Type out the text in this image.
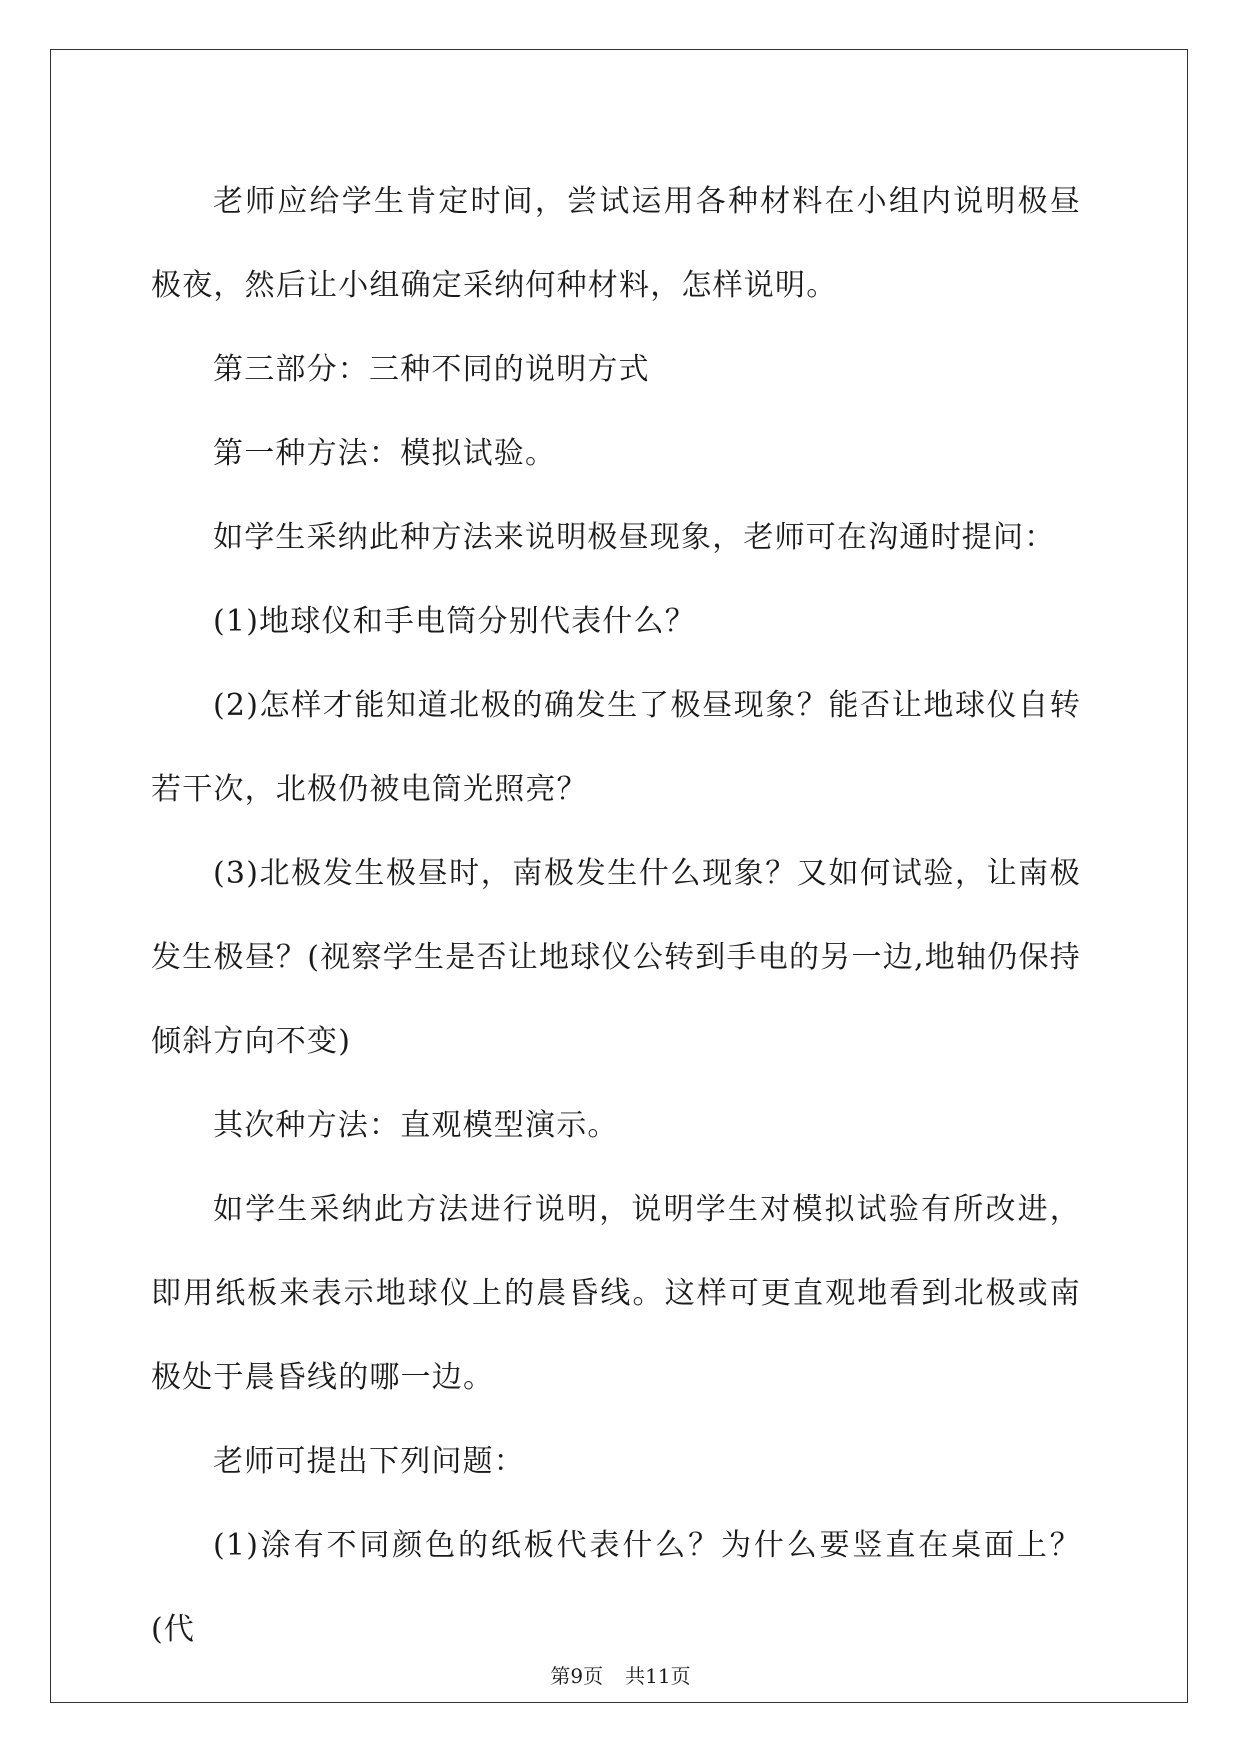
老师应给学生肯定时间，尝试运用各种材料在小组内说明极昼极夜，然后让小组确定采纳何种材料，怎样说明。

第三部分：三种不同的说明方式

第一种方法：模拟试验。

如学生采纳此种方法来说明极昼现象，老师可在沟通时提问：

(1)地球仪和手电筒分别代表什么？

(2)怎样才能知道北极的确发生了极昼现象？能否让地球仪自转若干次，北极仍被电筒光照亮？

(3)北极发生极昼时，南极发生什么现象？又如何试验，让南极发生极昼？(视察学生是否让地球仪公转到手电的另一边,地轴仍保持倾斜方向不变)

其次种方法：直观模型演示。

如学生采纳此方法进行说明，说明学生对模拟试验有所改进，即用纸板来表示地球仪上的晨昏线。这样可更直观地看到北极或南极处于晨昏线的哪一边。

老师可提出下列问题：

(1)涂有不同颜色的纸板代表什么？为什么要竖直在桌面上？(代

第9页 共11页
